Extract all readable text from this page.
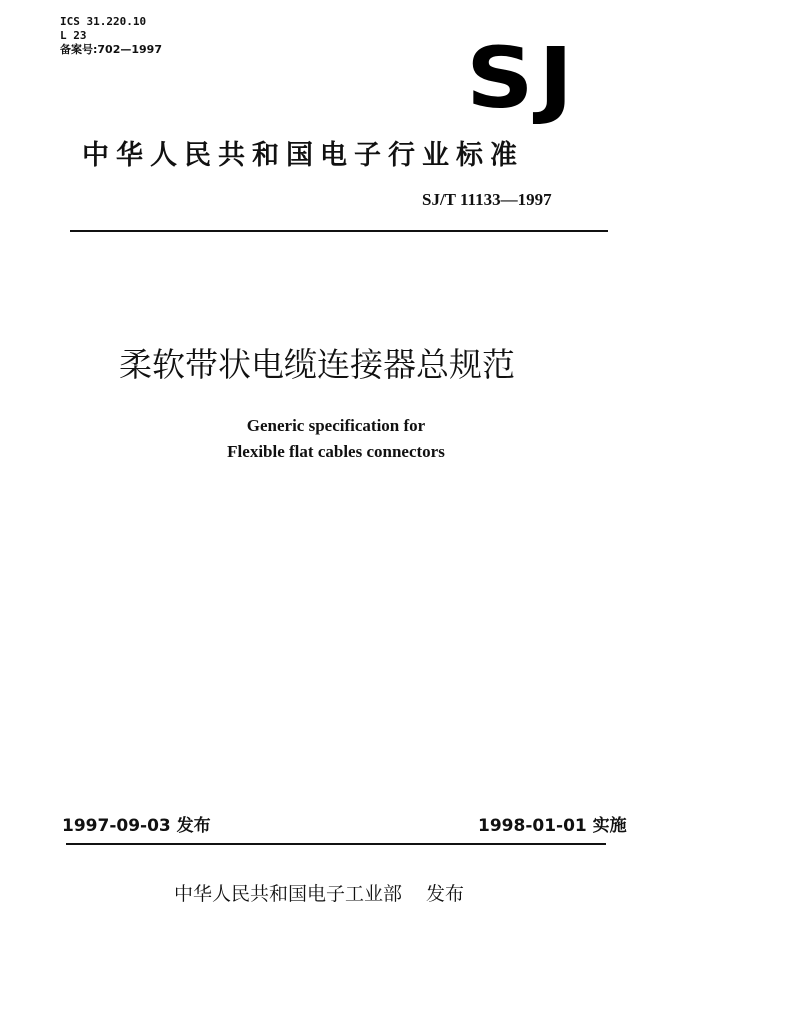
ICS 31.220.10
L 23
备案号:702—1997	SJ
中华人民共和国电子行业标准
SJ/T 11133—1997
柔软带状电缆连接器总规范
Generic specification for
Flexible flat cables connectors
1997-09-03 发布	1998-01-01 实施
中华人民共和国电子工业部 发布
